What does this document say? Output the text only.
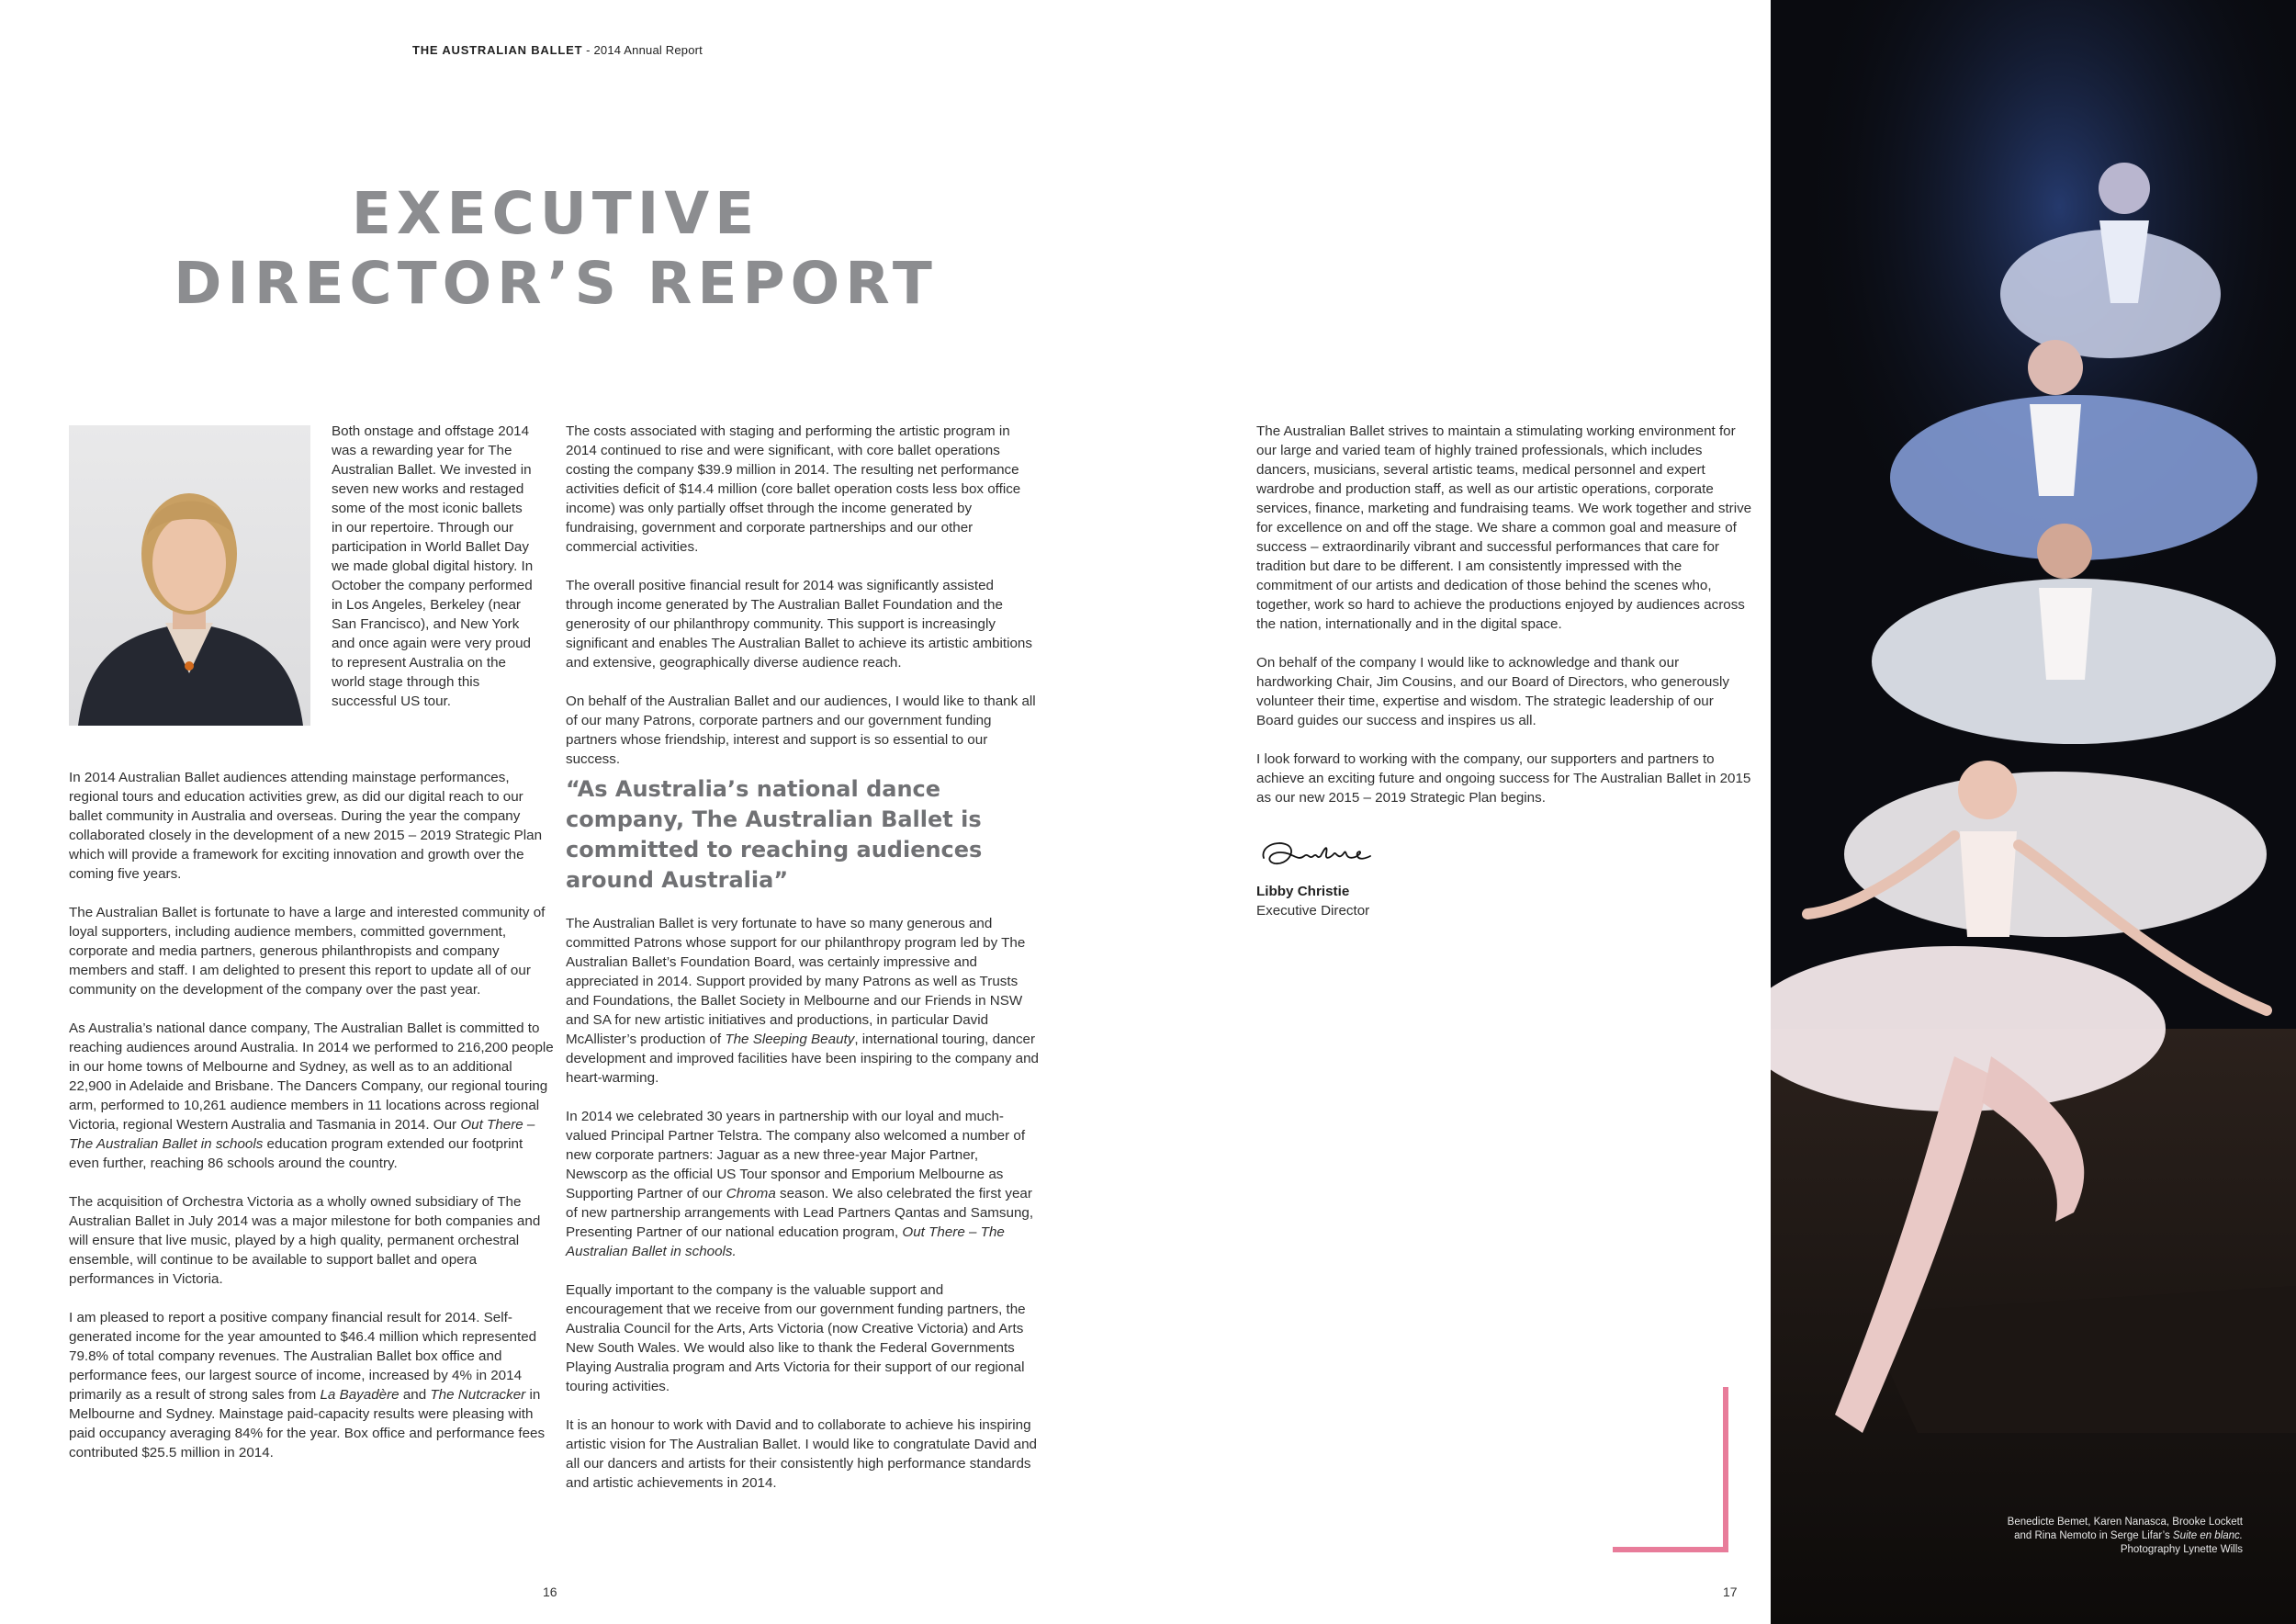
THE AUSTRALIAN BALLET - 2014 Annual Report
EXECUTIVE
DIRECTOR’S REPORT
Both onstage and offstage 2014 was a rewarding year for The Australian Ballet. We invested in seven new works and restaged some of the most iconic ballets in our repertoire. Through our participation in World Ballet Day we made global digital history. In October the company performed in Los Angeles, Berkeley (near San Francisco), and New York and once again were very proud to represent Australia on the world stage through this successful US tour.

In 2014 Australian Ballet audiences attending mainstage performances, regional tours and education activities grew, as did our digital reach to our ballet community in Australia and overseas. During the year the company collaborated closely in the development of a new 2015 – 2019 Strategic Plan which will provide a framework for exciting innovation and growth over the coming five years.

The Australian Ballet is fortunate to have a large and interested community of loyal supporters, including audience members, committed government, corporate and media partners, generous philanthropists and company members and staff. I am delighted to present this report to update all of our community on the development of the company over the past year.

As Australia’s national dance company, The Australian Ballet is committed to reaching audiences around Australia. In 2014 we performed to 216,200 people in our home towns of Melbourne and Sydney, as well as to an additional 22,900 in Adelaide and Brisbane. The Dancers Company, our regional touring arm, performed to 10,261 audience members in 11 locations across regional Victoria, regional Western Australia and Tasmania in 2014. Our Out There – The Australian Ballet in schools education program extended our footprint even further, reaching 86 schools around the country.

The acquisition of Orchestra Victoria as a wholly owned subsidiary of The Australian Ballet in July 2014 was a major milestone for both companies and will ensure that live music, played by a high quality, permanent orchestral ensemble, will continue to be available to support ballet and opera performances in Victoria.

I am pleased to report a positive company financial result for 2014. Self-generated income for the year amounted to $46.4 million which represented 79.8% of total company revenues. The Australian Ballet box office and performance fees, our largest source of income, increased by 4% in 2014 primarily as a result of strong sales from La Bayadère and The Nutcracker in Melbourne and Sydney. Mainstage paid-capacity results were pleasing with paid occupancy averaging 84% for the year. Box office and performance fees contributed $25.5 million in 2014.

The costs associated with staging and performing the artistic program in 2014 continued to rise and were significant, with core ballet operations costing the company $39.9 million in 2014. The resulting net performance activities deficit of $14.4 million (core ballet operation costs less box office income) was only partially offset through the income generated by fundraising, government and corporate partnerships and our other commercial activities.

The overall positive financial result for 2014 was significantly assisted through income generated by The Australian Ballet Foundation and the generosity of our philanthropy community. This support is increasingly significant and enables The Australian Ballet to achieve its artistic ambitions and extensive, geographically diverse audience reach.

On behalf of the Australian Ballet and our audiences, I would like to thank all of our many Patrons, corporate partners and our government funding partners whose friendship, interest and support is so essential to our success.

“As Australia’s national dance company, The Australian Ballet is committed to reaching audiences around Australia”

The Australian Ballet is very fortunate to have so many generous and committed Patrons whose support for our philanthropy program led by The Australian Ballet’s Foundation Board, was certainly impressive and appreciated in 2014. Support provided by many Patrons as well as Trusts and Foundations, the Ballet Society in Melbourne and our Friends in NSW and SA for new artistic initiatives and productions, in particular David McAllister’s production of The Sleeping Beauty, international touring, dancer development and improved facilities have been inspiring to the company and heart-warming.

In 2014 we celebrated 30 years in partnership with our loyal and much-valued Principal Partner Telstra. The company also welcomed a number of new corporate partners: Jaguar as a new three-year Major Partner, Newscorp as the official US Tour sponsor and Emporium Melbourne as Supporting Partner of our Chroma season. We also celebrated the first year of new partnership arrangements with Lead Partners Qantas and Samsung, Presenting Partner of our national education program, Out There – The Australian Ballet in schools.

Equally important to the company is the valuable support and encouragement that we receive from our government funding partners, the Australia Council for the Arts, Arts Victoria (now Creative Victoria) and Arts New South Wales. We would also like to thank the Federal Governments Playing Australia program and Arts Victoria for their support of our regional touring activities.

It is an honour to work with David and to collaborate to achieve his inspiring artistic vision for The Australian Ballet. I would like to congratulate David and all our dancers and artists for their consistently high performance standards and artistic achievements in 2014.

The Australian Ballet strives to maintain a stimulating working environment for our large and varied team of highly trained professionals, which includes dancers, musicians, several artistic teams, medical personnel and expert wardrobe and production staff, as well as our artistic operations, corporate services, finance, marketing and fundraising teams. We work together and strive for excellence on and off the stage. We share a common goal and measure of success – extraordinarily vibrant and successful performances that care for tradition but dare to be different. I am consistently impressed with the commitment of our artists and dedication of those behind the scenes who, together, work so hard to achieve the productions enjoyed by audiences across the nation, internationally and in the digital space.

On behalf of the company I would like to acknowledge and thank our hardworking Chair, Jim Cousins, and our Board of Directors, who generously volunteer their time, expertise and wisdom. The strategic leadership of our Board guides our success and inspires us all.

I look forward to working with the company, our supporters and partners to achieve an exciting future and ongoing success for The Australian Ballet in 2015 as our new 2015 – 2019 Strategic Plan begins.

Libby Christie
Executive Director
16	17

Benedicte Bemet, Karen Nanasca, Brooke Lockett

and Rina Nemoto in Serge Lifar’s Suite en blanc.

Photography Lynette Wills
